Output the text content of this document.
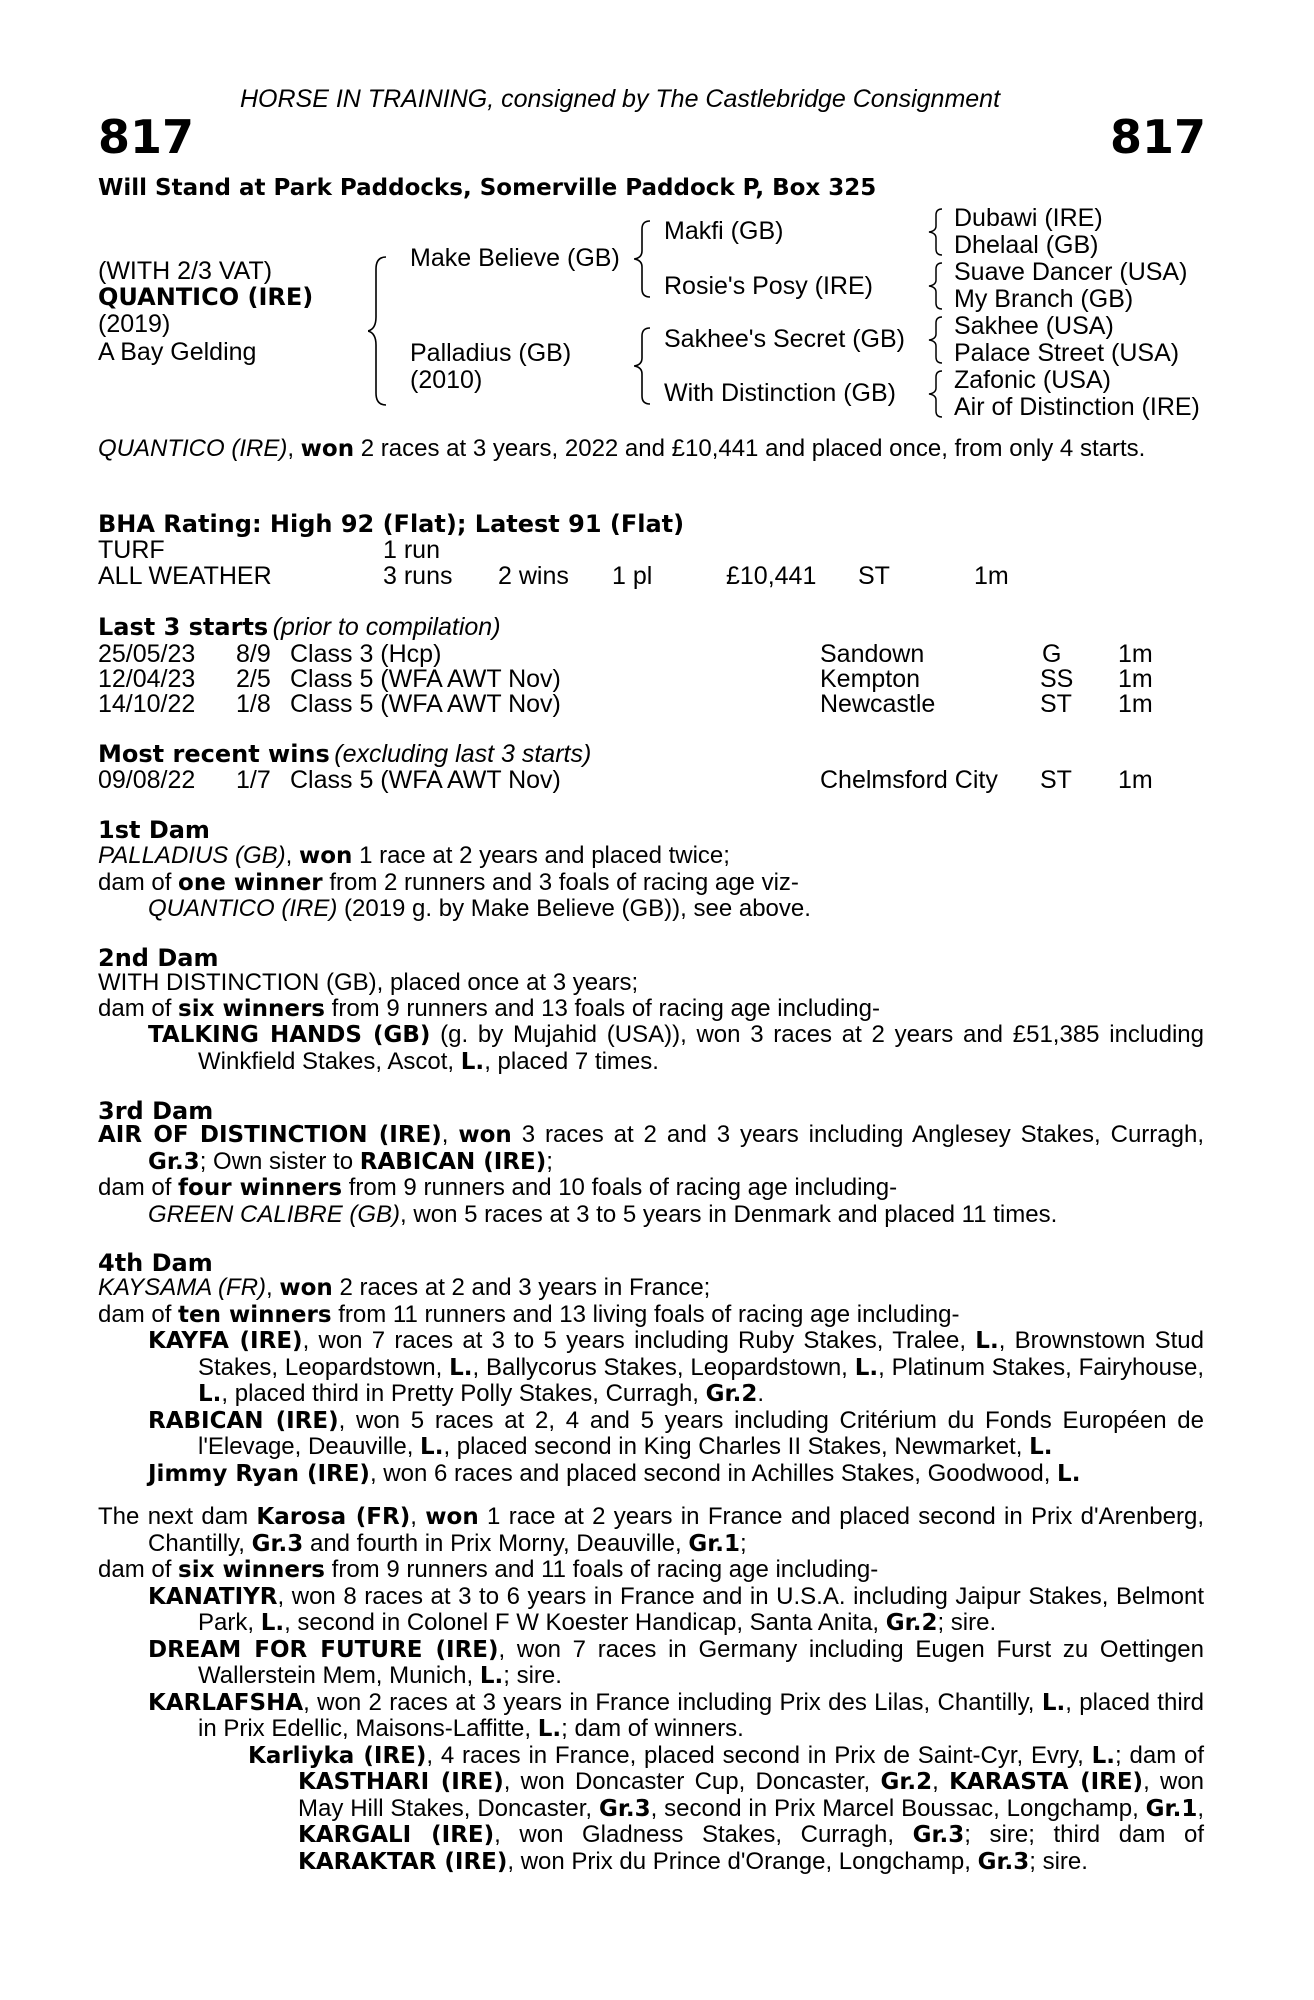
HORSE IN TRAINING, consigned by The Castlebridge Consignment
817	817
Will Stand at Park Paddocks, Somerville Paddock P, Box 325
(WITH 2/3 VAT)
QUANTICO (IRE)
(2019)
A Bay Gelding
Make Believe (GB)
Palladius (GB)
(2010)
Makfi (GB)
Rosie's Posy (IRE)
Sakhee's Secret (GB)
With Distinction (GB)
Dubawi (IRE)
Dhelaal (GB)
Suave Dancer (USA)
My Branch (GB)
Sakhee (USA)
Palace Street (USA)
Zafonic (USA)
Air of Distinction (IRE)

QUANTICO (IRE), won 2 races at 3 years, 2022 and £10,441 and placed once, from only 4 starts.

BHA Rating: High 92 (Flat); Latest 91 (Flat)
TURF	1 run
ALL WEATHER	3 runs 2 wins 1 pl	£10,441 ST	1m
Last 3 starts (prior to compilation)
25/05/23 8/9 Class 3 (Hcp)	Sandown	G 1m
12/04/23 2/5 Class 5 (WFA AWT Nov)	Kempton	SS 1m
14/10/22 1/8 Class 5 (WFA AWT Nov)	Newcastle	ST 1m
Most recent wins (excluding last 3 starts)
09/08/22 1/7 Class 5 (WFA AWT Nov)	Chelmsford City ST 1m
1st Dam

PALLADIUS (GB), won 1 race at 2 years and placed twice;

dam of one winner from 2 runners and 3 foals of racing age viz-

QUANTICO (IRE) (2019 g. by Make Believe (GB)), see above.

2nd Dam

WITH DISTINCTION (GB), placed once at 3 years;

dam of six winners from 9 runners and 13 foals of racing age including-

TALKING HANDS (GB) (g. by Mujahid (USA)), won 3 races at 2 years and £51,385 including Winkfield Stakes, Ascot, L., placed 7 times.

3rd Dam

AIR OF DISTINCTION (IRE), won 3 races at 2 and 3 years including Anglesey Stakes, Curragh, Gr.3; Own sister to RABICAN (IRE);

dam of four winners from 9 runners and 10 foals of racing age including-

GREEN CALIBRE (GB), won 5 races at 3 to 5 years in Denmark and placed 11 times.

4th Dam

KAYSAMA (FR), won 2 races at 2 and 3 years in France;

dam of ten winners from 11 runners and 13 living foals of racing age including-

KAYFA (IRE), won 7 races at 3 to 5 years including Ruby Stakes, Tralee, L., Brownstown Stud Stakes, Leopardstown, L., Ballycorus Stakes, Leopardstown, L., Platinum Stakes, Fairyhouse, L., placed third in Pretty Polly Stakes, Curragh, Gr.2.

RABICAN (IRE), won 5 races at 2, 4 and 5 years including Critérium du Fonds Européen de l'Elevage, Deauville, L., placed second in King Charles II Stakes, Newmarket, L.

Jimmy Ryan (IRE), won 6 races and placed second in Achilles Stakes, Goodwood, L.

The next dam Karosa (FR), won 1 race at 2 years in France and placed second in Prix d'Arenberg, Chantilly, Gr.3 and fourth in Prix Morny, Deauville, Gr.1;

dam of six winners from 9 runners and 11 foals of racing age including-

KANATIYR, won 8 races at 3 to 6 years in France and in U.S.A. including Jaipur Stakes, Belmont Park, L., second in Colonel F W Koester Handicap, Santa Anita, Gr.2; sire.

DREAM FOR FUTURE (IRE), won 7 races in Germany including Eugen Furst zu Oettingen Wallerstein Mem, Munich, L.; sire.

KARLAFSHA, won 2 races at 3 years in France including Prix des Lilas, Chantilly, L., placed third in Prix Edellic, Maisons-Laffitte, L.; dam of winners.

Karliyka (IRE), 4 races in France, placed second in Prix de Saint-Cyr, Evry, L.; dam of KASTHARI (IRE), won Doncaster Cup, Doncaster, Gr.2, KARASTA (IRE), won May Hill Stakes, Doncaster, Gr.3, second in Prix Marcel Boussac, Longchamp, Gr.1, KARGALI (IRE), won Gladness Stakes, Curragh, Gr.3; sire; third dam of KARAKTAR (IRE), won Prix du Prince d'Orange, Longchamp, Gr.3; sire.
